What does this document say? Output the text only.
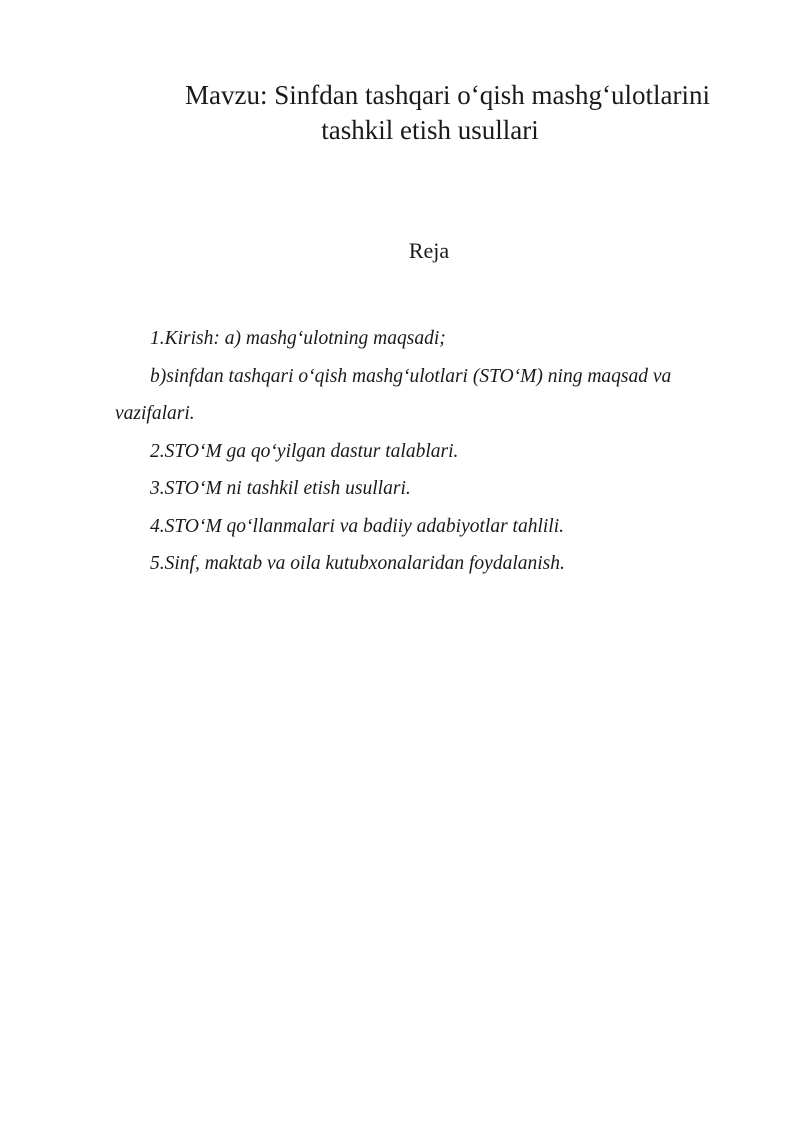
Mavzu: Sinfdan tashqari o‘qish mashg‘ulotlarini
tashkil etish usullari
Reja
1.Kirish: a) mashg‘ulotning maqsadi;
b)sinfdan tashqari o‘qish mashg‘ulotlari (STO‘M) ning maqsad va vazifalari.
2.STO‘M ga qo‘yilgan dastur talablari.
3.STO‘M ni tashkil etish usullari.
4.STO‘M qo‘llanmalari va badiiy adabiyotlar tahlili.
5.Sinf, maktab va oila kutubxonalaridan foydalanish.
